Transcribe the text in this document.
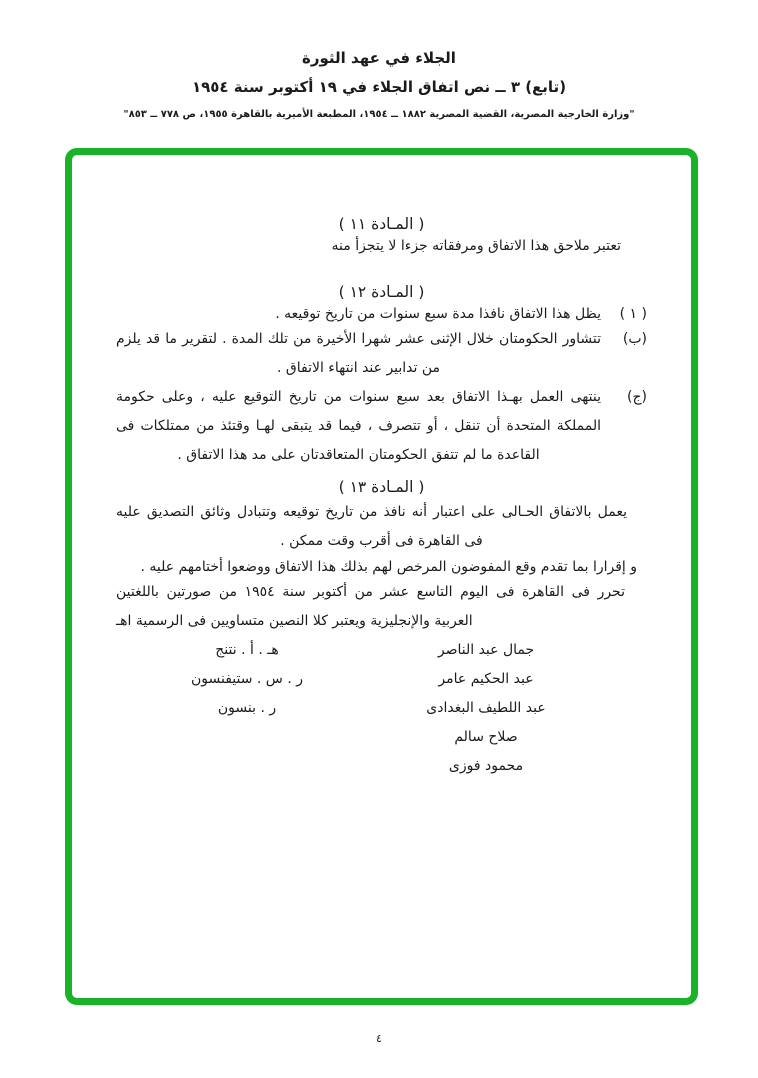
الجلاء في عهد الثورة
(تابع) ٣ ــ نص اتفاق الجلاء في ١٩ أكتوبر سنة ١٩٥٤
"وزارة الخارجية المصرية، القضية المصرية ١٨٨٢ ــ ١٩٥٤، المطبعة الأميرية بالقاهرة ١٩٥٥، ص ٧٧٨ ــ ٨٥٣"
( المـادة ١١ )

تعتبر ملاحق هذا الاتفاق ومرفقاته جزءا لا يتجزأ منه

( المـادة ١٢ )

( ١ )
يظل هذا الاتفاق نافذا مدة سبع سنوات من تاريخ توقيعه .

(ب)
تتشاور الحكومتان خلال الإثنى عشر شهرا الأخيرة من تلك المدة . لتقرير ما قد يلزم من تدابير عند انتهاء الاتفاق .

(ج)
ينتهى العمل بهـذا الاتفاق بعد سبع سنوات من تاريخ التوقيع عليه ، وعلى حكومة المملكة المتحدة أن تنقل ، أو تتصرف ، فيما قد يتبقى لهـا وقتئذ من ممتلكات فى القاعدة ما لم تتفق الحكومتان المتعاقدتان على مد هذا الاتفاق .

( المـادة ١٣ )

يعمل بالاتفاق الحـالى على اعتبار أنه نافذ من تاريخ توقيعه وتتبادل وثائق التصديق عليه فى القاهرة فى أقرب وقت ممكن .

و إقرارا بما تقدم وقع المفوضون المرخص لهم بذلك هذا الاتفاق ووضعوا أختامهم عليه .

تحرر فى القاهرة فى اليوم التاسع عشر من أكتوبر سنة ١٩٥٤ من صورتين باللغتين العربية والإنجليزية ويعتبر كلا النصين متساويين فى الرسمية اهـ

جمال عبد الناصر
عبد الحكيم عامر
عبد اللطيف البغدادى
صلاح سالم
محمود فوزى
هـ . أ . نتنج
ر . س . ستيفنسون
ر . بنسون
٤
